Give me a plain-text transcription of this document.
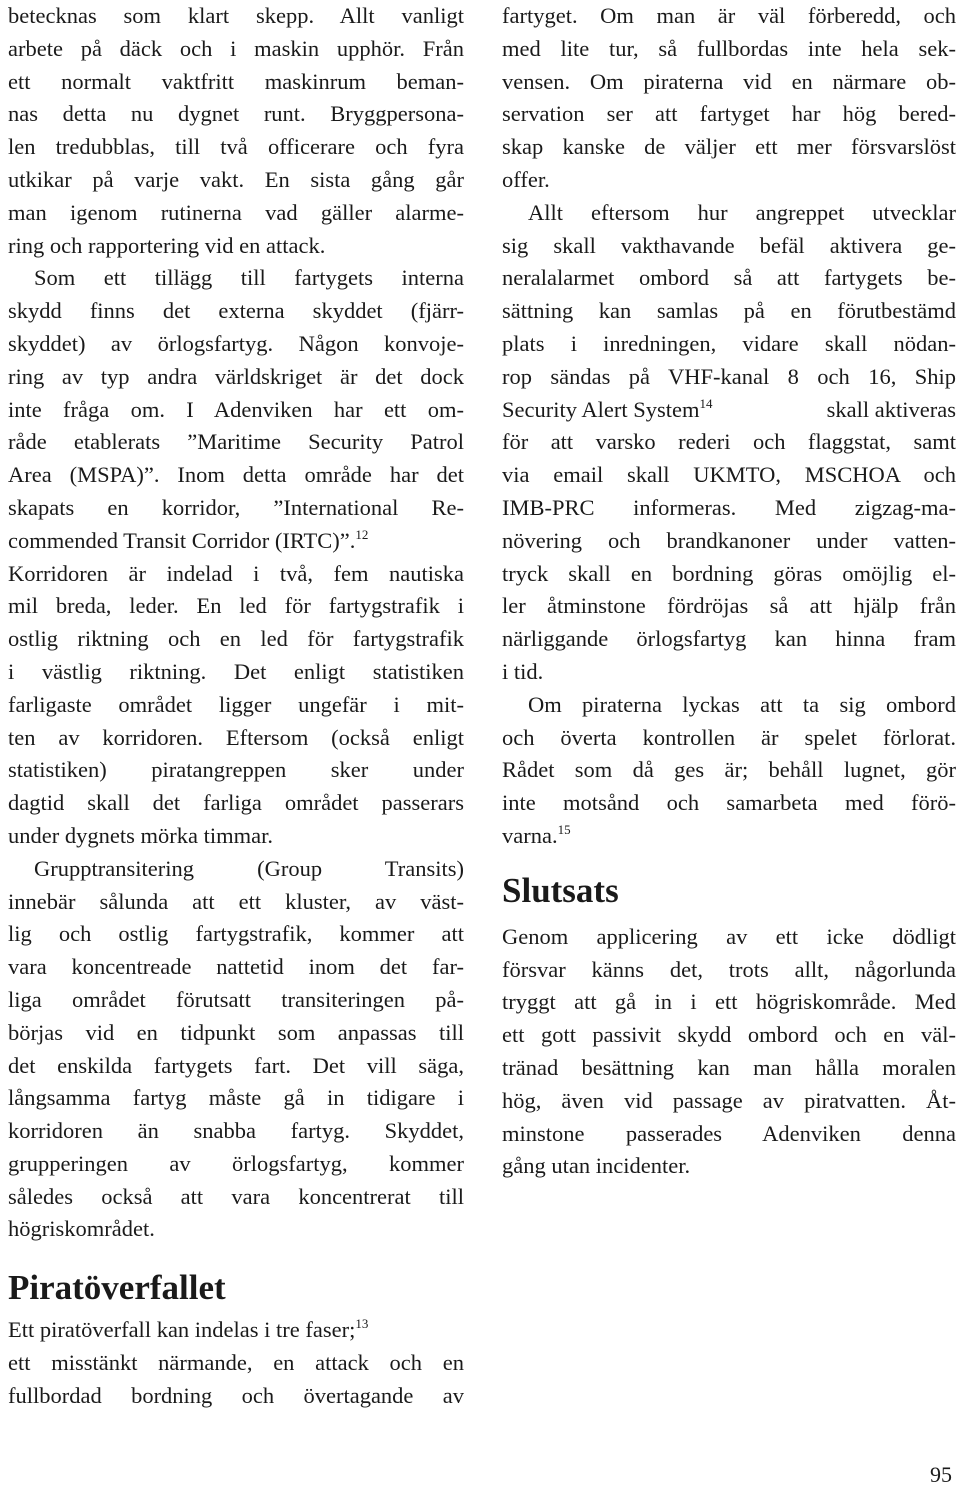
betecknas som klart skepp. Allt vanligt
arbete på däck och i maskin upphör. Från
ett normalt vaktfritt maskinrum beman-
nas detta nu dygnet runt. Bryggpersona-
len tredubblas, till två officerare och fyra
utkikar på varje vakt. En sista gång går
man igenom rutinerna vad gäller alarme-
ring och rapportering vid en attack.
Som ett tillägg till fartygets interna
skydd finns det externa skyddet (fjärr-
skyddet) av örlogsfartyg. Någon konvoje-
ring av typ andra världskriget är det dock
inte fråga om. I Adenviken har ett om-
råde etablerats ”Maritime Security Patrol
Area (MSPA)”. Inom detta område har det
skapats en korridor, ”International Re-
commended Transit Corridor (IRTC)”.$^{12}$
Korridoren är indelad i två, fem nautiska
mil breda, leder. En led för fartygstrafik i
ostlig riktning och en led för fartygstrafik
i västlig riktning. Det enligt statistiken
farligaste området ligger ungefär i mit-
ten av korridoren. Eftersom (också enligt
statistiken) piratangreppen sker under
dagtid skall det farliga området passerars
under dygnets mörka timmar.
Grupptransitering (Group Transits)
innebär sålunda att ett kluster, av väst-
lig och ostlig fartygstrafik, kommer att
vara koncentreade nattetid inom det far-
liga området förutsatt transiteringen på-
börjas vid en tidpunkt som anpassas till
det enskilda fartygets fart. Det vill säga,
långsamma fartyg måste gå in tidigare i
korridoren än snabba fartyg. Skyddet,
grupperingen av örlogsfartyg, kommer
således också att vara koncentrerat till
högriskområdet.
Piratöverfallet
Ett piratöverfall kan indelas i tre faser;$^{13}$
ett misstänkt närmande, en attack och en
fullbordad bordning och övertagande av
fartyget. Om man är väl förberedd, och
med lite tur, så fullbordas inte hela sek-
vensen. Om piraterna vid en närmare ob-
servation ser att fartyget har hög bered-
skap kanske de väljer ett mer försvarslöst
offer.
Allt eftersom hur angreppet utvecklar
sig skall vakthavande befäl aktivera ge-
neralalarmet ombord så att fartygets be-
sättning kan samlas på en förutbestämd
plats i inredningen, vidare skall nödan-
rop sändas på VHF-kanal 8 och 16, Ship
Security Alert System$^{14}$	skall aktiveras
för att varsko rederi och flaggstat, samt
via email skall UKMTO, MSCHOA och
IMB-PRC informeras. Med zigzag-ma-
növering och brandkanoner under vatten-
tryck skall en bordning göras omöjlig el-
ler åtminstone fördröjas så att hjälp från
närliggande örlogsfartyg kan hinna fram
i tid.
Om piraterna lyckas att ta sig ombord
och överta kontrollen är spelet förlorat.
Rådet som då ges är; behåll lugnet, gör
inte motsånd och samarbeta med förö-
varna.$^{15}$
Slutsats
Genom applicering av ett icke dödligt
försvar känns det, trots allt, någorlunda
tryggt att gå in i ett högriskområde. Med
ett gott passivit skydd ombord och en väl-
tränad besättning kan man hålla moralen
hög, även vid passage av piratvatten. Åt-
minstone passerades Adenviken denna
gång utan incidenter.
95
